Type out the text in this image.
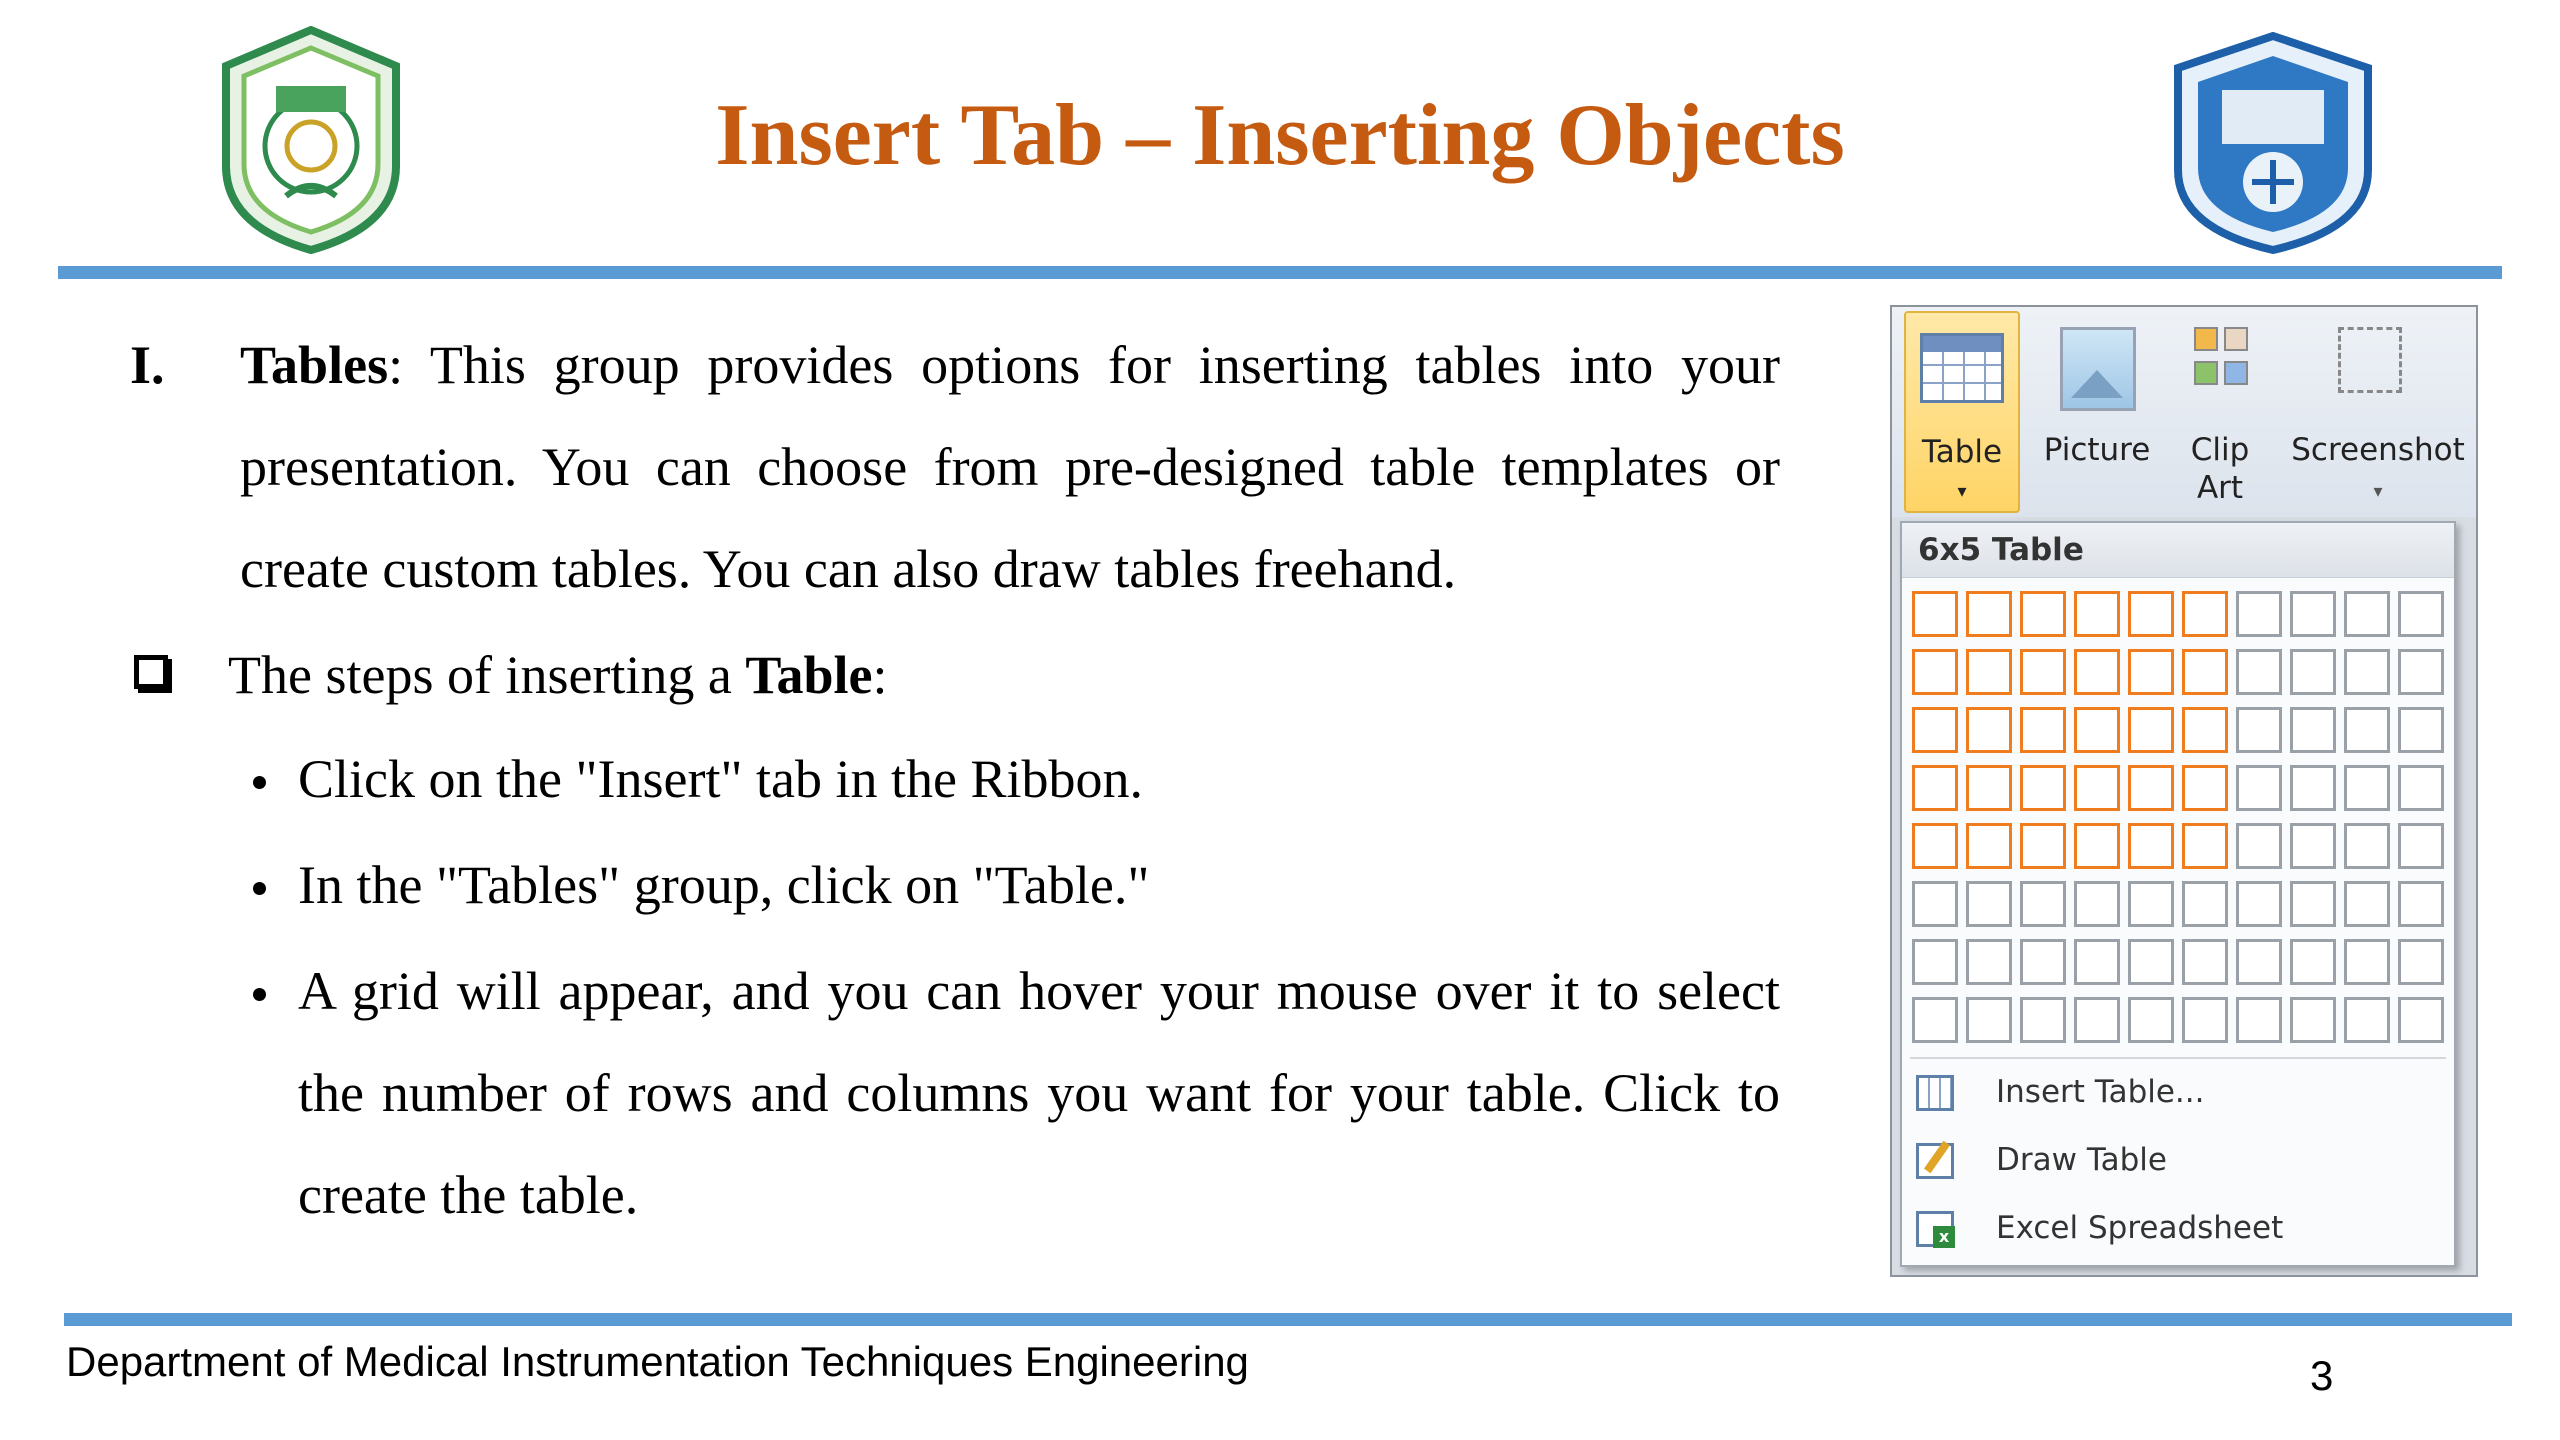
Insert Tab – Inserting Objects
I. Tables: This group provides options for inserting tables into your
presentation. You can choose from pre-designed table templates or
create custom tables. You can also draw tables freehand.
The steps of inserting a Table:
Click on the "Insert" tab in the Ribbon.
In the "Tables" group, click on "Table."
A grid will appear, and you can hover your mouse over it to select the number of rows and columns you want for your table. Click to create the table.
Table
▾
Picture	Clip
Art
Screenshot
▾
6x5 Table
Insert Table...
Draw Table
x Excel Spreadsheet
Department of Medical Instrumentation Techniques Engineering	3
